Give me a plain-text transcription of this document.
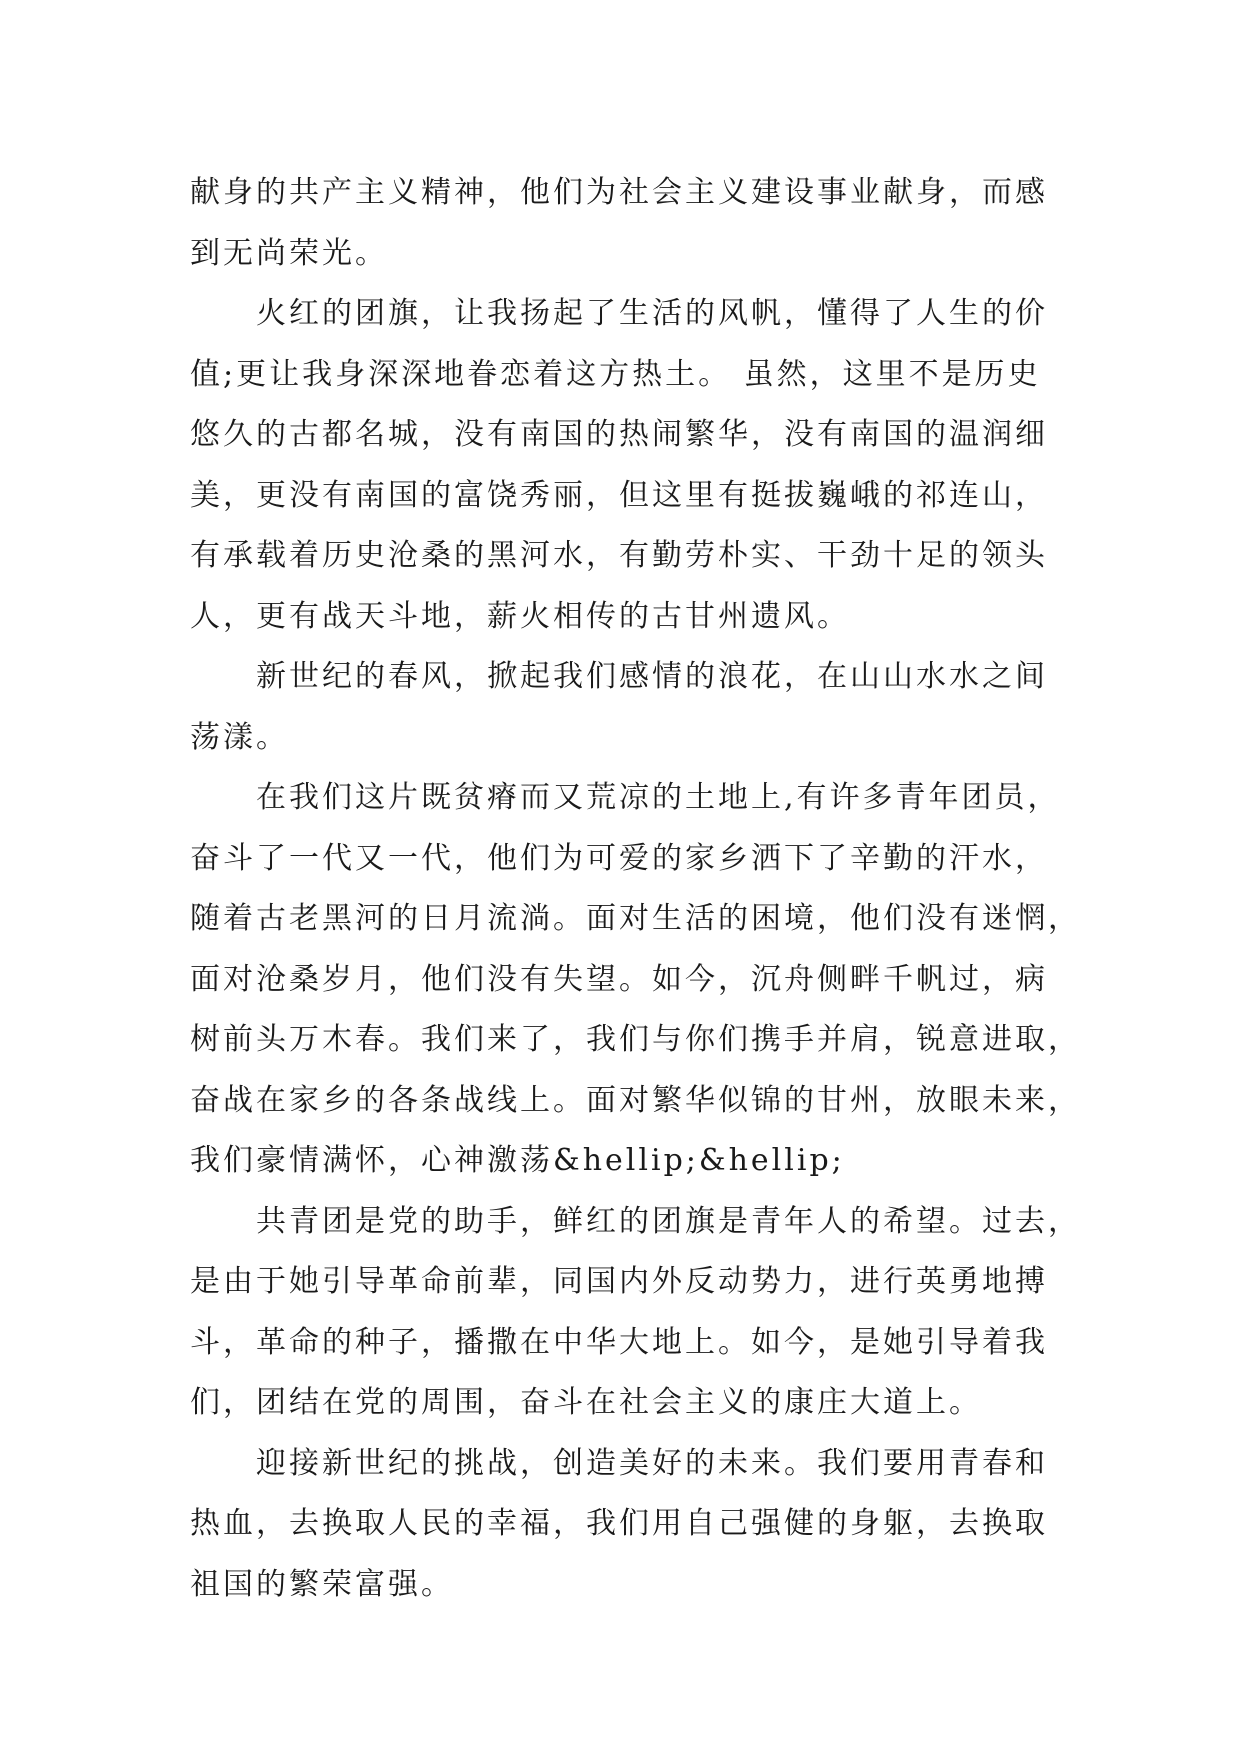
献身的共产主义精神，他们为社会主义建设事业献身，而感
到无尚荣光。
火红的团旗，让我扬起了生活的风帆，懂得了人生的价
值;更让我身深深地眷恋着这方热土。 虽然，这里不是历史
悠久的古都名城，没有南国的热闹繁华，没有南国的温润细
美，更没有南国的富饶秀丽，但这里有挺拔巍峨的祁连山，
有承载着历史沧桑的黑河水，有勤劳朴实、干劲十足的领头
人，更有战天斗地，薪火相传的古甘州遗风。
新世纪的春风，掀起我们感情的浪花，在山山水水之间
荡漾。
在我们这片既贫瘠而又荒凉的土地上,有许多青年团员，
奋斗了一代又一代，他们为可爱的家乡洒下了辛勤的汗水，
随着古老黑河的日月流淌。面对生活的困境，他们没有迷惘，
面对沧桑岁月，他们没有失望。如今，沉舟侧畔千帆过，病
树前头万木春。我们来了，我们与你们携手并肩，锐意进取，
奋战在家乡的各条战线上。面对繁华似锦的甘州，放眼未来，
我们豪情满怀，心神激荡&hellip;&hellip;
共青团是党的助手，鲜红的团旗是青年人的希望。过去，
是由于她引导革命前辈，同国内外反动势力，进行英勇地搏
斗，革命的种子，播撒在中华大地上。如今，是她引导着我
们，团结在党的周围，奋斗在社会主义的康庄大道上。
迎接新世纪的挑战，创造美好的未来。我们要用青春和
热血，去换取人民的幸福，我们用自己强健的身躯，去换取
祖国的繁荣富强。
